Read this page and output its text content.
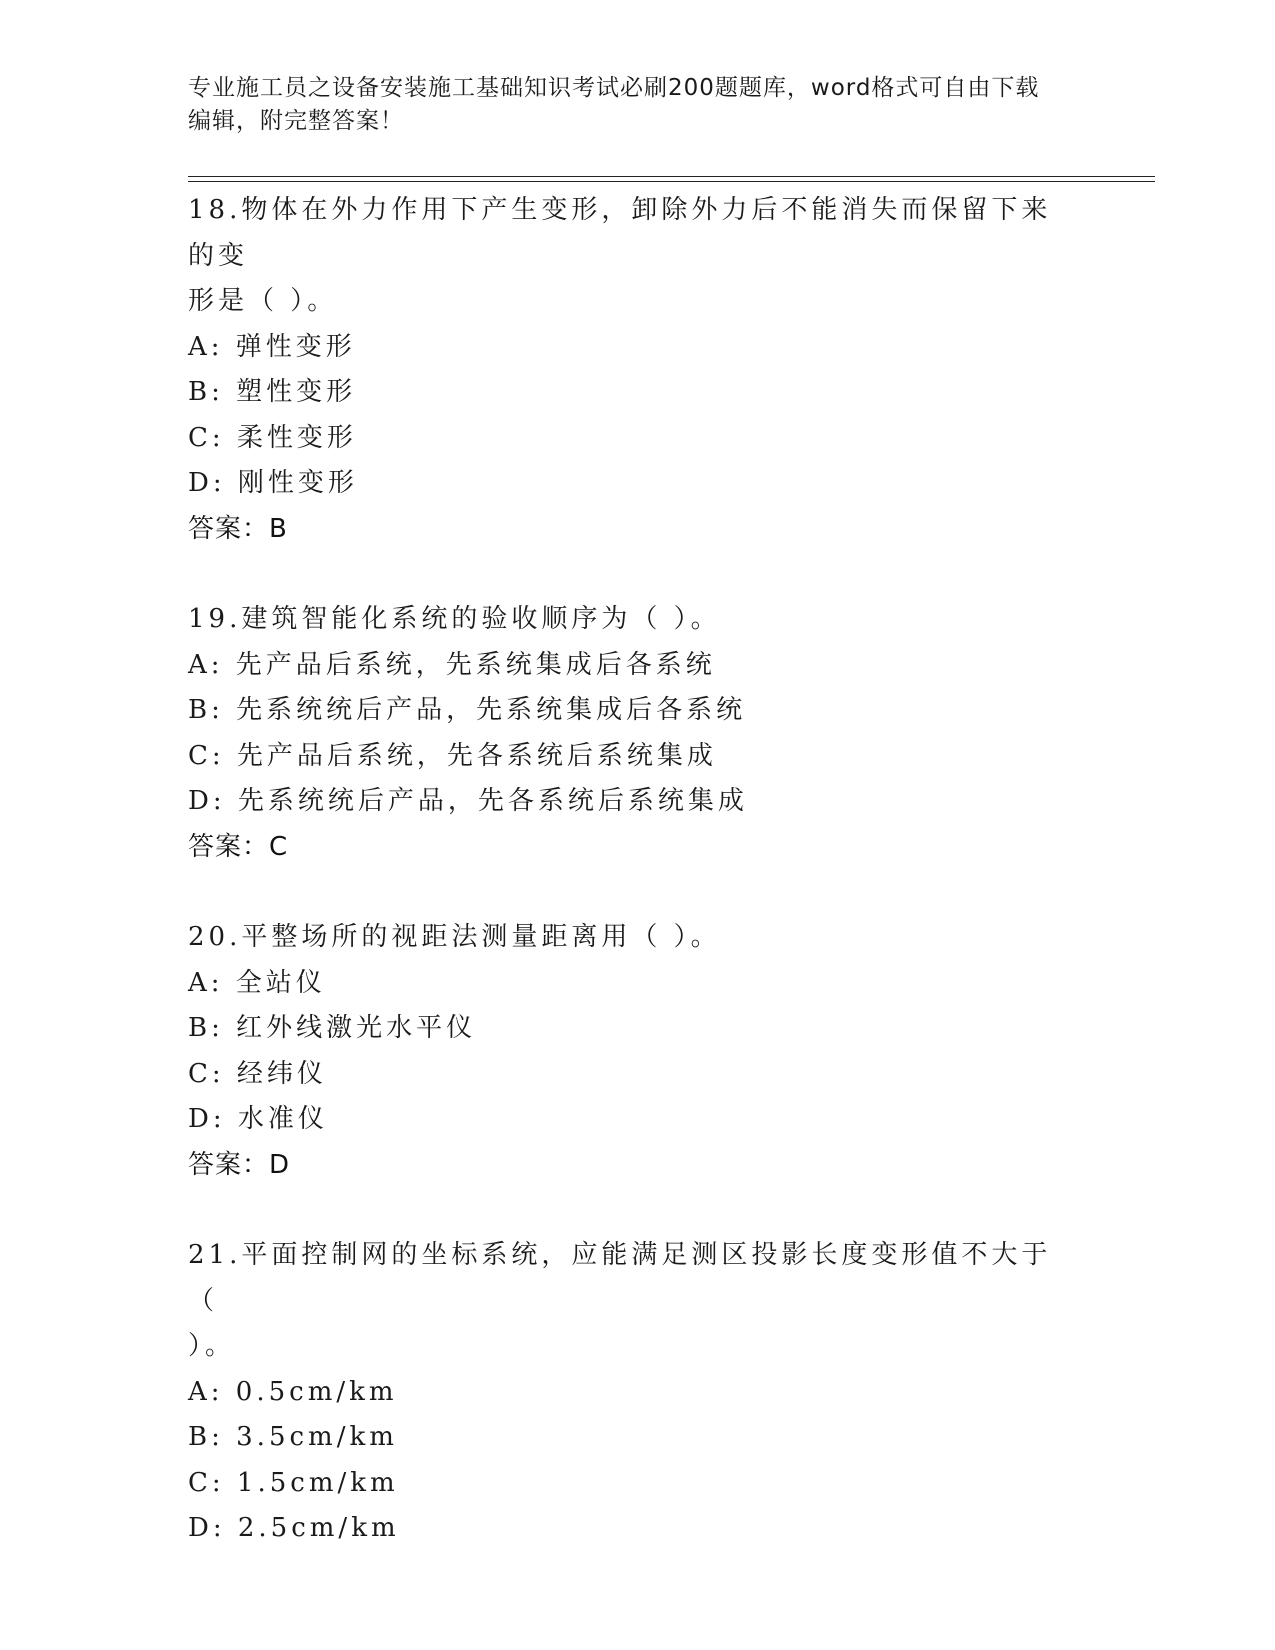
专业施工员之设备安装施工基础知识考试必刷200题题库，word格式可自由下载
编辑，附完整答案！
18.物体在外力作用下产生变形，卸除外力后不能消失而保留下来的变
形是（ ）。
A: 弹性变形
B: 塑性变形
C: 柔性变形
D: 刚性变形
答案：B
19.建筑智能化系统的验收顺序为（ ）。
A: 先产品后系统，先系统集成后各系统
B: 先系统统后产品，先系统集成后各系统
C: 先产品后系统，先各系统后系统集成
D: 先系统统后产品，先各系统后系统集成
答案：C
20.平整场所的视距法测量距离用（ ）。
A: 全站仪
B: 红外线激光水平仪
C: 经纬仪
D: 水准仪
答案：D
21.平面控制网的坐标系统，应能满足测区投影长度变形值不大于（
）。
A: 0.5cm/km
B: 3.5cm/km
C: 1.5cm/km
D: 2.5cm/km
